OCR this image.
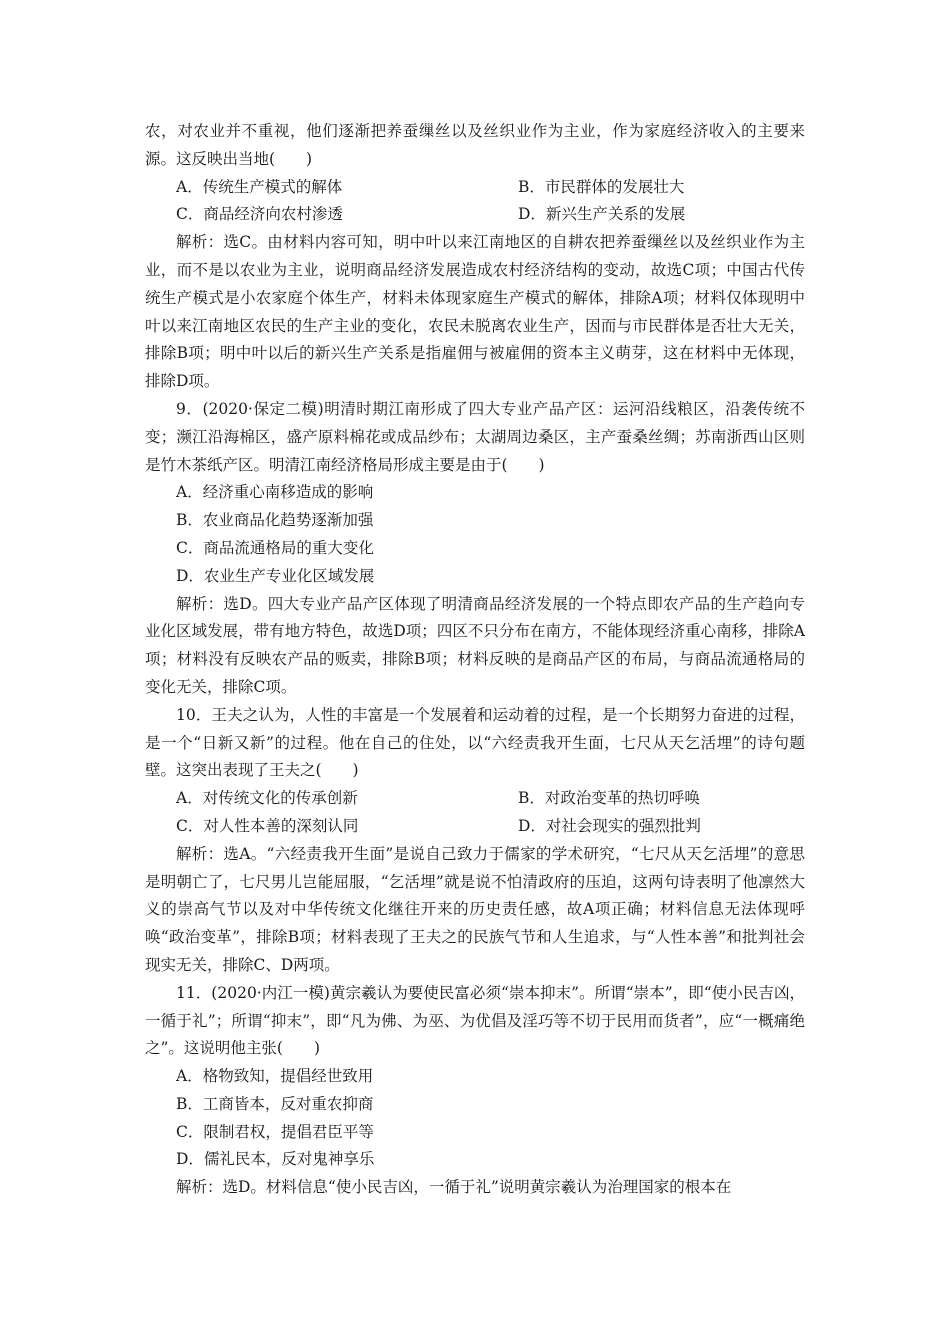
农，对农业并不重视，他们逐渐把养蚕缫丝以及丝织业作为主业，作为家庭经济收入的主要来源。这反映出当地(　　)

A．传统生产模式的解体	B．市民群体的发展壮大
C．商品经济向农村渗透	D．新兴生产关系的发展

解析：选C。由材料内容可知，明中叶以来江南地区的自耕农把养蚕缫丝以及丝织业作为主业，而不是以农业为主业，说明商品经济发展造成农村经济结构的变动，故选C项；中国古代传统生产模式是小农家庭个体生产，材料未体现家庭生产模式的解体，排除A项；材料仅体现明中叶以来江南地区农民的生产主业的变化，农民未脱离农业生产，因而与市民群体是否壮大无关，排除B项；明中叶以后的新兴生产关系是指雇佣与被雇佣的资本主义萌芽，这在材料中无体现，排除D项。

9．(2020·保定二模)明清时期江南形成了四大专业产品产区：运河沿线粮区，沿袭传统不变；濒江沿海棉区，盛产原料棉花或成品纱布；太湖周边桑区，主产蚕桑丝绸；苏南浙西山区则是竹木茶纸产区。明清江南经济格局形成主要是由于(　　)

A．经济重心南移造成的影响
B．农业商品化趋势逐渐加强
C．商品流通格局的重大变化
D．农业生产专业化区域发展

解析：选D。四大专业产品产区体现了明清商品经济发展的一个特点即农产品的生产趋向专业化区域发展，带有地方特色，故选D项；四区不只分布在南方，不能体现经济重心南移，排除A项；材料没有反映农产品的贩卖，排除B项；材料反映的是商品产区的布局，与商品流通格局的变化无关，排除C项。

10．王夫之认为，人性的丰富是一个发展着和运动着的过程，是一个长期努力奋进的过程，是一个“日新又新”的过程。他在自己的住处，以“六经责我开生面，七尺从天乞活埋”的诗句题壁。这突出表现了王夫之(　　)

A．对传统文化的传承创新	B．对政治变革的热切呼唤
C．对人性本善的深刻认同	D．对社会现实的强烈批判

解析：选A。“六经责我开生面”是说自己致力于儒家的学术研究，“七尺从天乞活埋”的意思是明朝亡了，七尺男儿岂能屈服，“乞活埋”就是说不怕清政府的压迫，这两句诗表明了他凛然大义的崇高气节以及对中华传统文化继往开来的历史责任感，故A项正确；材料信息无法体现呼唤“政治变革”，排除B项；材料表现了王夫之的民族气节和人生追求，与“人性本善”和批判社会现实无关，排除C、D两项。

11．(2020·内江一模)黄宗羲认为要使民富必须“崇本抑末”。所谓“崇本”，即“使小民吉凶，一循于礼”；所谓“抑末”，即“凡为佛、为巫、为优倡及淫巧等不切于民用而货者”，应“一概痛绝之”。这说明他主张(　　)

A．格物致知，提倡经世致用
B．工商皆本，反对重农抑商
C．限制君权，提倡君臣平等
D．儒礼民本，反对鬼神享乐

解析：选D。材料信息“使小民吉凶，一循于礼”说明黄宗羲认为治理国家的根本在
